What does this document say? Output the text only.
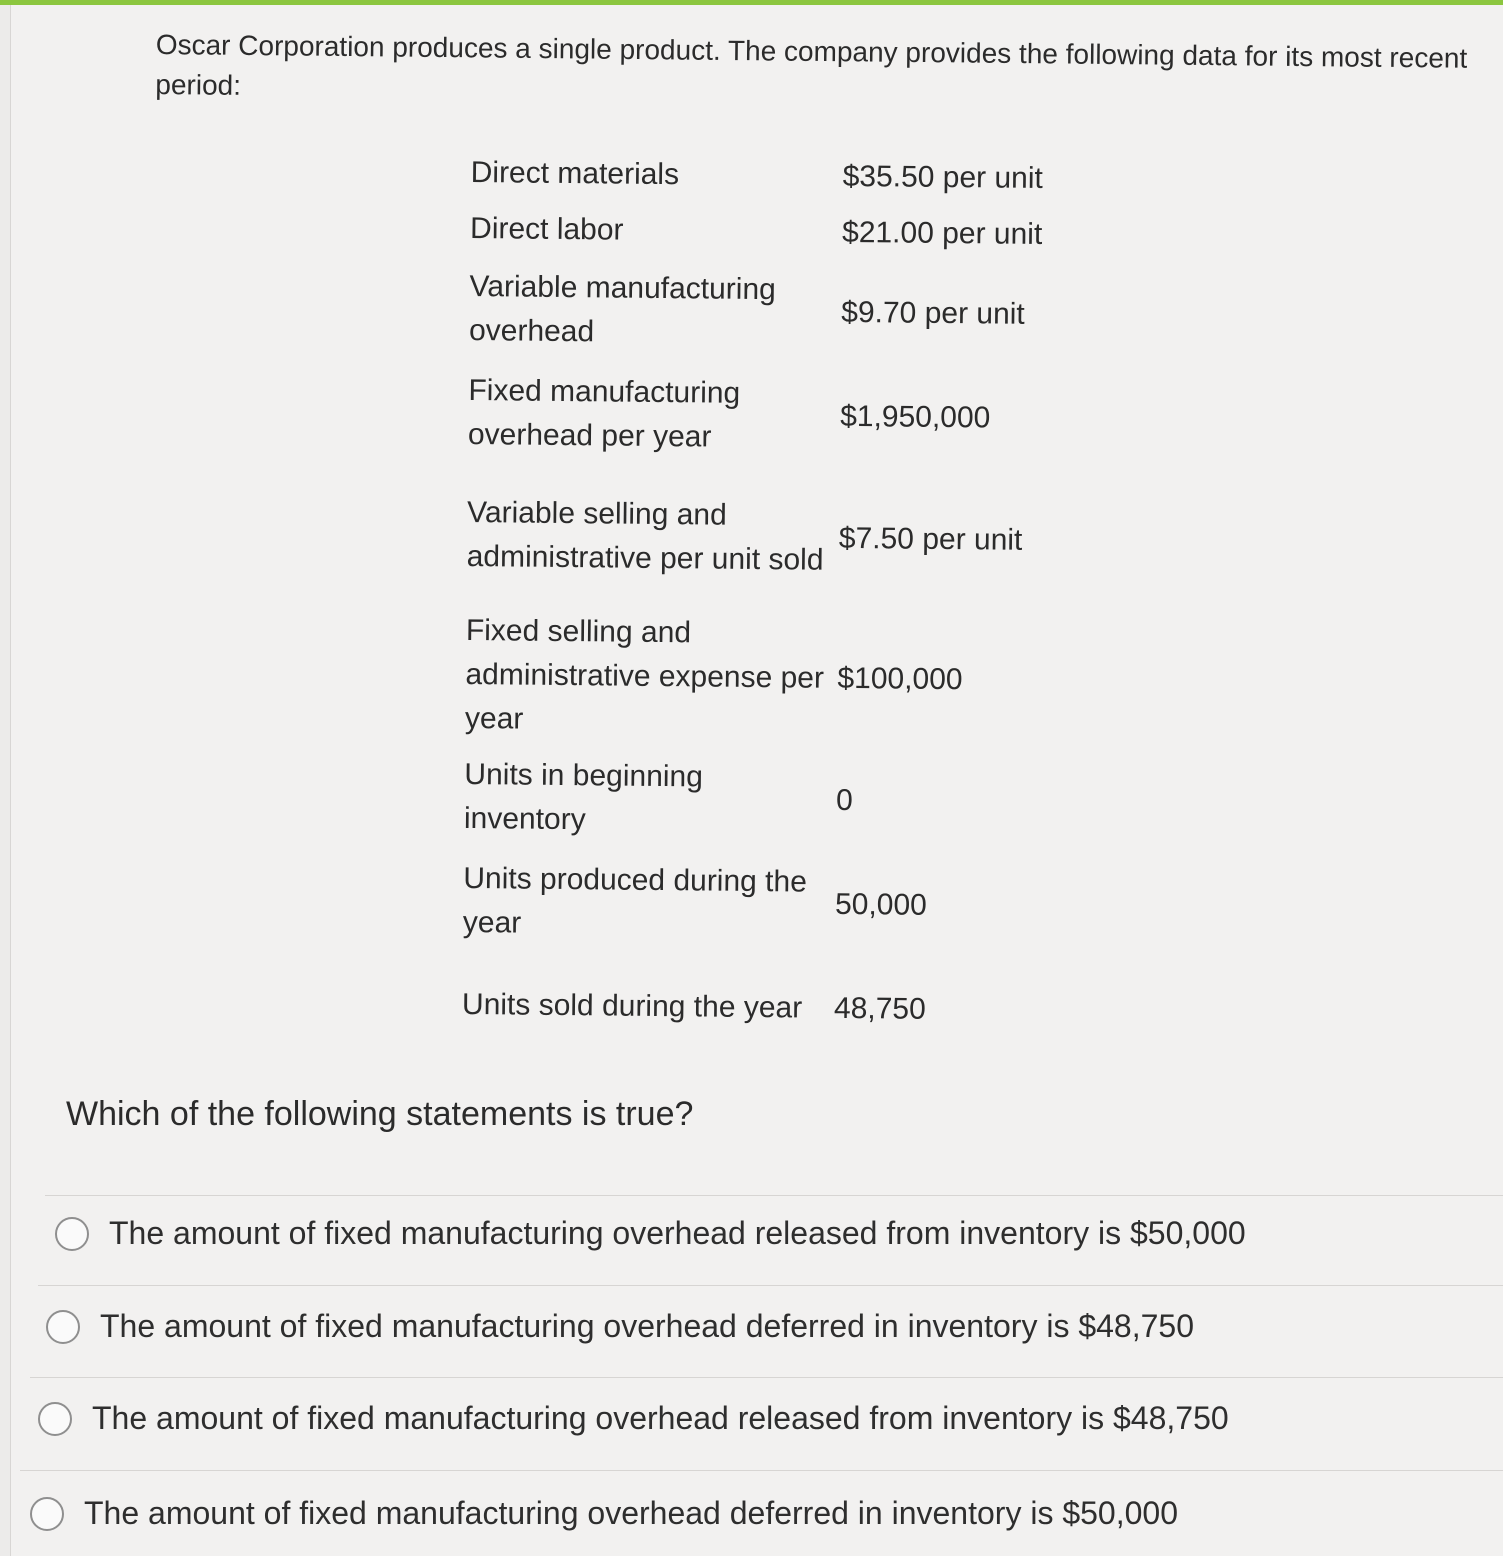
Oscar Corporation produces a single product. The company provides the following data for its most recent period:
Direct materials	$35.50 per unit
Direct labor	$21.00 per unit
Variable manufacturing overhead	$9.70 per unit
Fixed manufacturing overhead per year	$1,950,000
Variable selling and administrative per unit sold	$7.50 per unit
Fixed selling and administrative expense per year	$100,000
Units in beginning inventory	0
Units produced during the year	50,000
Units sold during the year	48,750
Which of the following statements is true?
The amount of fixed manufacturing overhead released from inventory is $50,000
The amount of fixed manufacturing overhead deferred in inventory is $48,750
The amount of fixed manufacturing overhead released from inventory is $48,750
The amount of fixed manufacturing overhead deferred in inventory is $50,000
